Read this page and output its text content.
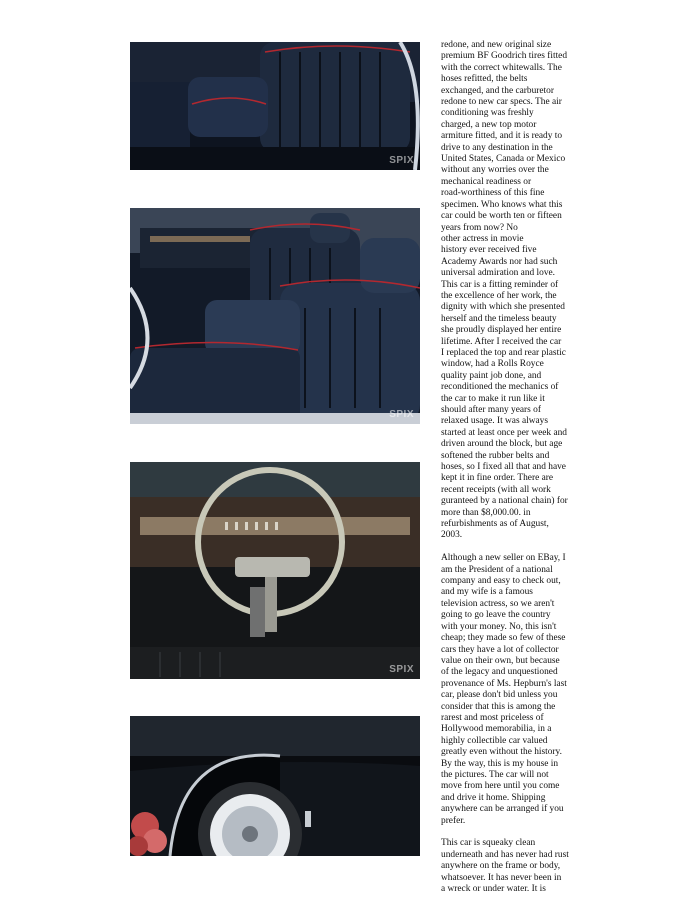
SPIX
SPIX
SPIX
redone, and new original size
premium BF Goodrich tires fitted
with the correct whitewalls. The
hoses refitted, the belts
exchanged, and the carburetor
redone to new car specs. The air
conditioning was freshly
charged, a new top motor
armiture fitted, and it is ready to
drive to any destination in the
United States, Canada or Mexico
without any worries over the
mechanical readiness or
road-worthiness of this fine
specimen. Who knows what this
car could be worth ten or fifteen
years from now? No
other actress in movie
history ever received five
Academy Awards nor had such
universal admiration and love.
This car is a fitting reminder of
the excellence of her work, the
dignity with which she presented
herself and the timeless beauty
she proudly displayed her entire
lifetime. After I received the car
I replaced the top and rear plastic
window, had a Rolls Royce
quality paint job done, and
reconditioned the mechanics of
the car to make it run like it
should after many years of
relaxed usage. It was always
started at least once per week and
driven around the block, but age
softened the rubber belts and
hoses, so I fixed all that and have
kept it in fine order. There are
recent receipts (with all work
guranteed by a national chain) for
more than $8,000.00. in
refurbishments as of August,
2003.
Although a new seller on EBay, I
am the President of a national
company and easy to check out,
and my wife is a famous
television actress, so we aren't
going to go leave the country
with your money. No, this isn't
cheap; they made so few of these
cars they have a lot of collector
value on their own, but because
of the legacy and unquestioned
provenance of Ms. Hepburn's last
car, please don't bid unless you
consider that this is among the
rarest and most priceless of
Hollywood memorabilia, in a
highly collectible car valued
greatly even without the history.
By the way, this is my house in
the pictures. The car will not
move from here until you come
and drive it home. Shipping
anywhere can be arranged if you
prefer.
This car is squeaky clean
underneath and has never had rust
anywhere on the frame or body,
whatsoever. It has never been in
a wreck or under water. It is
